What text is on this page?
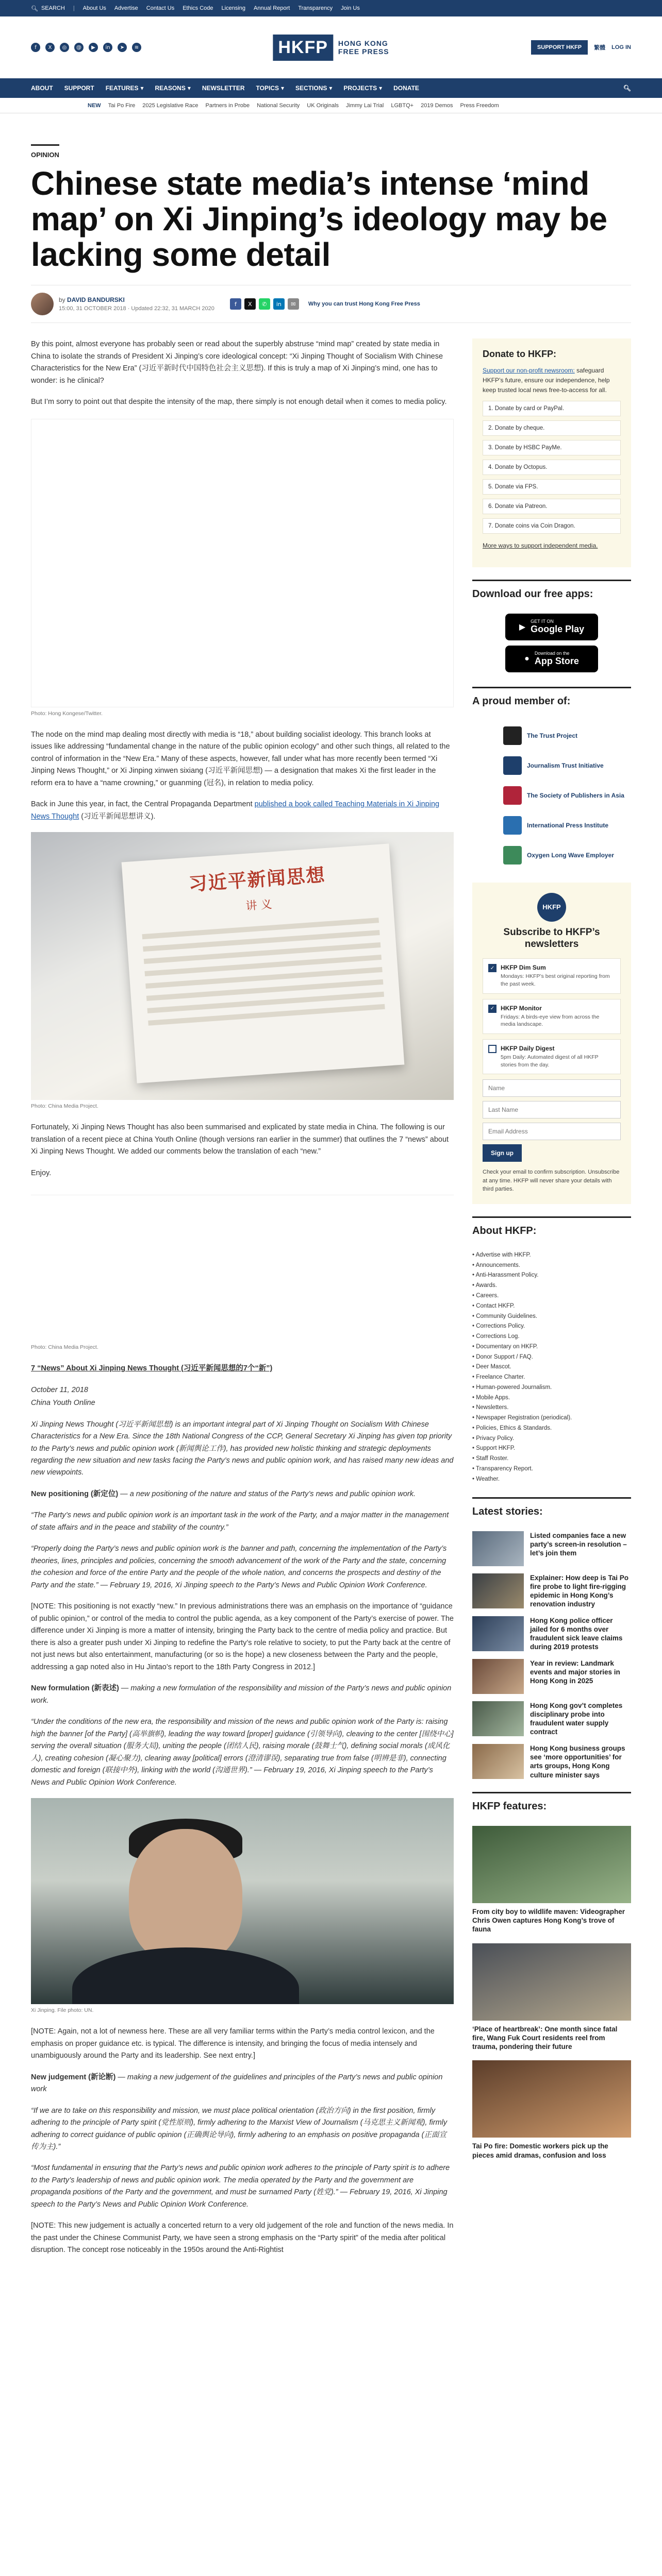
🔍︎ SEARCH | About Us Advertise Contact Us Ethics Code Licensing Annual Report Transparency Join Us
f	X	◎	@	▶	in	➤	≋	HKFP	HONG KONG
FREE PRESS	SUPPORT HKFP	繁體 LOG IN
ABOUT SUPPORT FEATURES ▾ REASONS ▾ NEWSLETTER TOPICS ▾ SECTIONS ▾ PROJECTS ▾ DONATE	🔍︎
NEW Tai Po Fire 2025 Legislative Race Partners in Probe National Security UK Originals Jimmy Lai Trial LGBTQ+ 2019 Demos Press Freedom
OPINION
Chinese state media’s intense ‘mind map’ on Xi Jinping’s ideology may be lacking some detail
by DAVID BANDURSKI
15:00, 31 OCTOBER 2018 · Updated 22:32, 31 MARCH 2020
f	X	✆	in	✉	Why you can trust Hong Kong Free Press

By this point, almost everyone has probably seen or read about the superbly abstruse “mind map” created by state media in China to isolate the strands of President Xi Jinping’s core ideological concept: “Xi Jinping Thought of Socialism With Chinese Characteristics for the New Era” (习近平新时代中国特色社会主义思想). If this is truly a map of Xi Jinping’s mind, one has to wonder: is he clinical?

But I’m sorry to point out that despite the intensity of the map, there simply is not enough detail when it comes to media policy.

Photo: Hong Kongese/Twitter.

The node on the mind map dealing most directly with media is “18,” about building socialist ideology. This branch looks at issues like addressing “fundamental change in the nature of the public opinion ecology” and other such things, all related to the control of information in the “New Era.” Many of these aspects, however, fall under what has more recently been termed “Xi Jinping News Thought,” or Xi Jinping xinwen sixiang (习近平新闻思想) — a designation that makes Xi the first leader in the reform era to have a “name crowning,” or guanming (冠名), in relation to media policy.

Back in June this year, in fact, the Central Propaganda Department published a book called Teaching Materials in Xi Jinping News Thought (习近平新闻思想讲义).

习近平新闻思想
讲 义
Photo: China Media Project.

Fortunately, Xi Jinping News Thought has also been summarised and explicated by state media in China. The following is our translation of a recent piece at China Youth Online (though versions ran earlier in the summer) that outlines the 7 “news” about Xi Jinping News Thought. We added our comments below the translation of each “new.”

Enjoy.

Photo: China Media Project.

7 “News” About Xi Jinping News Thought (习近平新闻思想的7个“新”)

October 11, 2018

China Youth Online

Xi Jinping News Thought (习近平新闻思想) is an important integral part of Xi Jinping Thought on Socialism With Chinese Characteristics for a New Era. Since the 18th National Congress of the CCP, General Secretary Xi Jinping has given top priority to the Party’s news and public opinion work (新闻舆论工作), has provided new holistic thinking and strategic deployments regarding the new situation and new tasks facing the Party’s news and public opinion work, and has raised many new ideas and new viewpoints.

New positioning (新定位) — a new positioning of the nature and status of the Party’s news and public opinion work.

“The Party’s news and public opinion work is an important task in the work of the Party, and a major matter in the management of state affairs and in the peace and stability of the country.”

“Properly doing the Party’s news and public opinion work is the banner and path, concerning the implementation of the Party’s theories, lines, principles and policies, concerning the smooth advancement of the work of the Party and the state, concerning the cohesion and force of the entire Party and the people of the whole nation, and concerns the prospects and destiny of the Party and the state.” — February 19, 2016, Xi Jinping speech to the Party’s News and Public Opinion Work Conference.

[NOTE: This positioning is not exactly “new.” In previous administrations there was an emphasis on the importance of “guidance of public opinion,” or control of the media to control the public agenda, as a key component of the Party’s exercise of power. The difference under Xi Jinping is more a matter of intensity, bringing the Party back to the centre of media policy and practice. But there is also a greater push under Xi Jinping to redefine the Party’s role relative to society, to put the Party back at the centre of not just news but also entertainment, manufacturing (or so is the hope) a new closeness between the Party and the people, addressing a gap noted also in Hu Jintao’s report to the 18th Party Congress in 2012.]

New formulation (新表述) — making a new formulation of the responsibility and mission of the Party’s news and public opinion work.

“Under the conditions of the new era, the responsibility and mission of the news and public opinion work of the Party is: raising high the banner [of the Party] (高举旗帜), leading the way toward [proper] guidance (引领导向), cleaving to the center [围绕中心] serving the overall situation (服务大局), uniting the people (团结人民), raising morale (鼓舞士气), defining social morals (成风化人), creating cohesion (凝心聚力), clearing away [political] errors (澄清谬误), separating true from false (明辨是非), connecting domestic and foreign (联接中外), linking with the world (沟通世界).” — February 19, 2016, Xi Jinping speech to the Party’s News and Public Opinion Work Conference.

Xi Jinping. File photo: UN.

[NOTE: Again, not a lot of newness here. These are all very familiar terms within the Party’s media control lexicon, and the emphasis on proper guidance etc. is typical. The difference is intensity, and bringing the focus of media intensely and unambiguously around the Party and its leadership. See next entry.]

New judgement (新论断) — making a new judgement of the guidelines and principles of the Party’s news and public opinion work

“If we are to take on this responsibility and mission, we must place political orientation (政治方向) in the first position, firmly adhering to the principle of Party spirit (党性原则), firmly adhering to the Marxist View of Journalism (马克思主义新闻观), firmly adhering to correct guidance of public opinion (正确舆论导向), firmly adhering to an emphasis on positive propaganda (正面宣传为主).”

“Most fundamental in ensuring that the Party’s news and public opinion work adheres to the principle of Party spirit is to adhere to the Party’s leadership of news and public opinion work. The media operated by the Party and the government are propaganda positions of the Party and the government, and must be surnamed Party (姓党).” — February 19, 2016, Xi Jinping speech to the Party’s News and Public Opinion Work Conference.

[NOTE: This new judgement is actually a concerted return to a very old judgement of the role and function of the news media. In the past under the Chinese Communist Party, we have seen a strong emphasis on the “Party spirit” of the media after political disruption. The concept rose noticeably in the 1950s around the Anti-Rightist

Donate to HKFP:
Support our non-profit newsroom: safeguard HKFP’s future, ensure our independence, help keep trusted local news free-to-access for all.
1. Donate by card or PayPal.
2. Donate by cheque.
3. Donate by HSBC PayMe.
4. Donate by Octopus.
5. Donate via FPS.
6. Donate via Patreon.
7. Donate coins via Coin Dragon.
More ways to support independent media.
Download our free apps:
▶
GET IT ON
Google Play
●
Download on the
App Store
A proud member of:
The Trust Project
Journalism Trust Initiative
The Society of Publishers in Asia
International Press Institute
Oxygen Long Wave Employer
HKFP
Subscribe to HKFP’s newsletters
✓ HKFP Dim Sum
Mondays: HKFP’s best original reporting from the past week.
✓ HKFP Monitor
Fridays: A birds-eye view from across the media landscape.
HKFP Daily Digest
5pm Daily: Automated digest of all HKFP stories from the day.
Name Last Name Email Address
Sign up
Check your email to confirm subscription. Unsubscribe at any time. HKFP will never share your details with third parties.
About HKFP:
• Advertise with HKFP.
• Announcements.
• Anti-Harassment Policy.
• Awards.
• Careers.
• Contact HKFP.
• Community Guidelines.
• Corrections Policy.
• Corrections Log.
• Documentary on HKFP.
• Donor Support / FAQ.
• Deer Mascot.
• Freelance Charter.
• Human-powered Journalism.
• Mobile Apps.
• Newsletters.
• Newspaper Registration (periodical).
• Policies, Ethics & Standards.
• Privacy Policy.
• Support HKFP.
• Staff Roster.
• Transparency Report.
• Weather.
Latest stories:
Listed companies face a new party’s screen-in resolution – let’s join them
Explainer: How deep is Tai Po fire probe to light fire-rigging epidemic in Hong Kong’s renovation industry
Hong Kong police officer jailed for 6 months over fraudulent sick leave claims during 2019 protests
Year in review: Landmark events and major stories in Hong Kong in 2025
Hong Kong gov’t completes disciplinary probe into fraudulent water supply contract
Hong Kong business groups see ‘more opportunities’ for arts groups, Hong Kong culture minister says
HKFP features:
From city boy to wildlife maven: Videographer Chris Owen captures Hong Kong’s trove of fauna
‘Place of heartbreak’: One month since fatal fire, Wang Fuk Court residents reel from trauma, pondering their future
Tai Po fire: Domestic workers pick up the pieces amid dramas, confusion and loss
